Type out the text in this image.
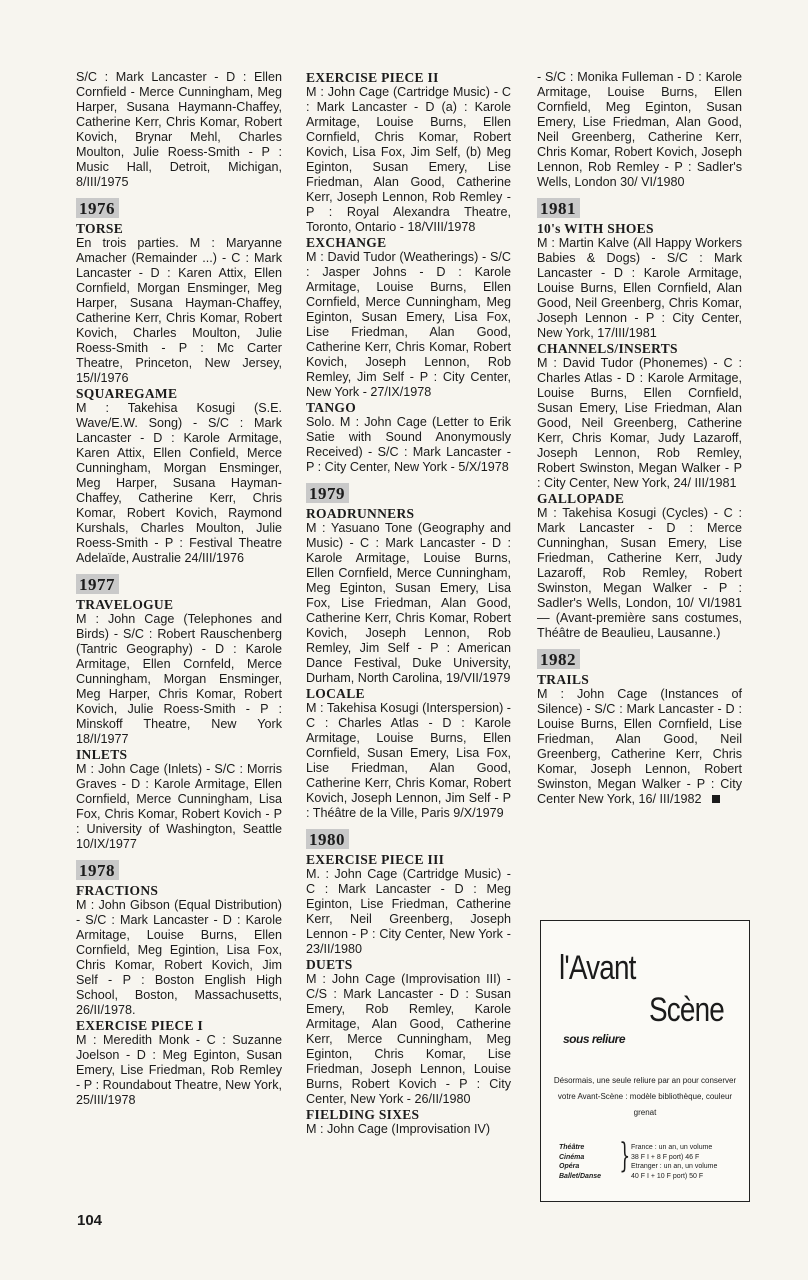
S/C : Mark Lancaster - D : Ellen Cornfield - Merce Cunningham, Meg Harper, Susana Haymann-Chaffey, Catherine Kerr, Chris Komar, Robert Kovich, Brynar Mehl, Charles Moulton, Julie Roess-Smith - P : Music Hall, Detroit, Michigan, 8/III/1975
1976
TORSE
En trois parties. M : Maryanne Amacher (Remainder ...) - C : Mark Lancaster - D : Karen Attix, Ellen Cornfield, Morgan Ensminger, Meg Harper, Susana Hayman-Chaffey, Catherine Kerr, Chris Komar, Robert Kovich, Charles Moulton, Julie Roess-Smith - P : Mc Carter Theatre, Princeton, New Jersey, 15/I/1976
SQUAREGAME
M : Takehisa Kosugi (S.E. Wave/E.W. Song) - S/C : Mark Lancaster - D : Karole Armitage, Karen Attix, Ellen Confield, Merce Cunningham, Morgan Ensminger, Meg Harper, Susana Hayman-Chaffey, Catherine Kerr, Chris Komar, Robert Kovich, Raymond Kurshals, Charles Moulton, Julie Roess-Smith - P : Festival Theatre Adelaïde, Australie 24/III/1976
1977
TRAVELOGUE
M : John Cage (Telephones and Birds) - S/C : Robert Rauschenberg (Tantric Geography) - D : Karole Armitage, Ellen Cornfeld, Merce Cunningham, Morgan Ensminger, Meg Harper, Chris Komar, Robert Kovich, Julie Roess-Smith - P : Minskoff Theatre, New York 18/I/1977
INLETS
M : John Cage (Inlets) - S/C : Morris Graves - D : Karole Armitage, Ellen Cornfield, Merce Cunningham, Lisa Fox, Chris Komar, Robert Kovich - P : University of Washington, Seattle 10/IX/1977
1978
FRACTIONS
M : John Gibson (Equal Distribution) - S/C : Mark Lancaster - D : Karole Armitage, Louise Burns, Ellen Cornfield, Meg Egintion, Lisa Fox, Chris Komar, Robert Kovich, Jim Self - P : Boston English High School, Boston, Massachusetts, 26/II/1978.
EXERCISE PIECE I
M : Meredith Monk - C : Suzanne Joelson - D : Meg Eginton, Susan Emery, Lise Friedman, Rob Remley - P : Roundabout Theatre, New York, 25/III/1978
EXERCISE PIECE II
M : John Cage (Cartridge Music) - C : Mark Lancaster - D (a) : Karole Armitage, Louise Burns, Ellen Cornfield, Chris Komar, Robert Kovich, Lisa Fox, Jim Self, (b) Meg Eginton, Susan Emery, Lise Friedman, Alan Good, Catherine Kerr, Joseph Lennon, Rob Remley - P : Royal Alexandra Theatre, Toronto, Ontario - 18/VIII/1978
EXCHANGE
M : David Tudor (Weatherings) - S/C : Jasper Johns - D : Karole Armitage, Louise Burns, Ellen Cornfield, Merce Cunningham, Meg Eginton, Susan Emery, Lisa Fox, Lise Friedman, Alan Good, Catherine Kerr, Chris Komar, Robert Kovich, Joseph Lennon, Rob Remley, Jim Self - P : City Center, New York - 27/IX/1978
TANGO
Solo. M : John Cage (Letter to Erik Satie with Sound Anonymously Received) - S/C : Mark Lancaster - P : City Center, New York - 5/X/1978
1979
ROADRUNNERS
M : Yasuano Tone (Geography and Music) - C : Mark Lancaster - D : Karole Armitage, Louise Burns, Ellen Cornfield, Merce Cunningham, Meg Eginton, Susan Emery, Lisa Fox, Lise Friedman, Alan Good, Catherine Kerr, Chris Komar, Robert Kovich, Joseph Lennon, Rob Remley, Jim Self - P : American Dance Festival, Duke University, Durham, North Carolina, 19/VII/1979
LOCALE
M : Takehisa Kosugi (Interspersion) - C : Charles Atlas - D : Karole Armitage, Louise Burns, Ellen Cornfield, Susan Emery, Lisa Fox, Lise Friedman, Alan Good, Catherine Kerr, Chris Komar, Robert Kovich, Joseph Lennon, Jim Self - P : Théâtre de la Ville, Paris 9/X/1979
1980
EXERCISE PIECE III
M. : John Cage (Cartridge Music) - C : Mark Lancaster - D : Meg Eginton, Lise Friedman, Catherine Kerr, Neil Greenberg, Joseph Lennon - P : City Center, New York - 23/II/1980
DUETS
M : John Cage (Improvisation III) - C/S : Mark Lancaster - D : Susan Emery, Rob Remley, Karole Armitage, Alan Good, Catherine Kerr, Merce Cunningham, Meg Eginton, Chris Komar, Lise Friedman, Joseph Lennon, Louise Burns, Robert Kovich - P : City Center, New York - 26/II/1980
FIELDING SIXES
M : John Cage (Improvisation IV)
- S/C : Monika Fulleman - D : Karole Armitage, Louise Burns, Ellen Cornfield, Meg Eginton, Susan Emery, Lise Friedman, Alan Good, Neil Greenberg, Catherine Kerr, Chris Komar, Robert Kovich, Joseph Lennon, Rob Remley - P : Sadler's Wells, London 30/ VI/1980
1981
10's WITH SHOES
M : Martin Kalve (All Happy Workers Babies & Dogs) - S/C : Mark Lancaster - D : Karole Armitage, Louise Burns, Ellen Cornfield, Alan Good, Neil Greenberg, Chris Komar, Joseph Lennon - P : City Center, New York, 17/III/1981
CHANNELS/INSERTS
M : David Tudor (Phonemes) - C : Charles Atlas - D : Karole Armitage, Louise Burns, Ellen Cornfield, Susan Emery, Lise Friedman, Alan Good, Neil Greenberg, Catherine Kerr, Chris Komar, Judy Lazaroff, Joseph Lennon, Rob Remley, Robert Swinston, Megan Walker - P : City Center, New York, 24/ III/1981
GALLOPADE
M : Takehisa Kosugi (Cycles) - C : Mark Lancaster - D : Merce Cunninghan, Susan Emery, Lise Friedman, Catherine Kerr, Judy Lazaroff, Rob Remley, Robert Swinston, Megan Walker - P : Sadler's Wells, London, 10/ VI/1981 — (Avant-première sans costumes, Théâtre de Beaulieu, Lausanne.)
1982
TRAILS
M : John Cage (Instances of Silence) - S/C : Mark Lancaster - D : Louise Burns, Ellen Cornfield, Lise Friedman, Alan Good, Neil Greenberg, Catherine Kerr, Chris Komar, Joseph Lennon, Robert Swinston, Megan Walker - P : City Center New York, 16/ III/1982
104
l'Avant
Scène
sous reliure
Désormais, une seule reliure par an pour conserver votre Avant-Scène : modèle bibliothèque, couleur grenat
Théâtre
Cinéma
Opéra
Ballet/Danse } France : un an, un volume
38 F I + 8 F port) 46 F
Etranger : un an, un volume
40 F I + 10 F port) 50 F
